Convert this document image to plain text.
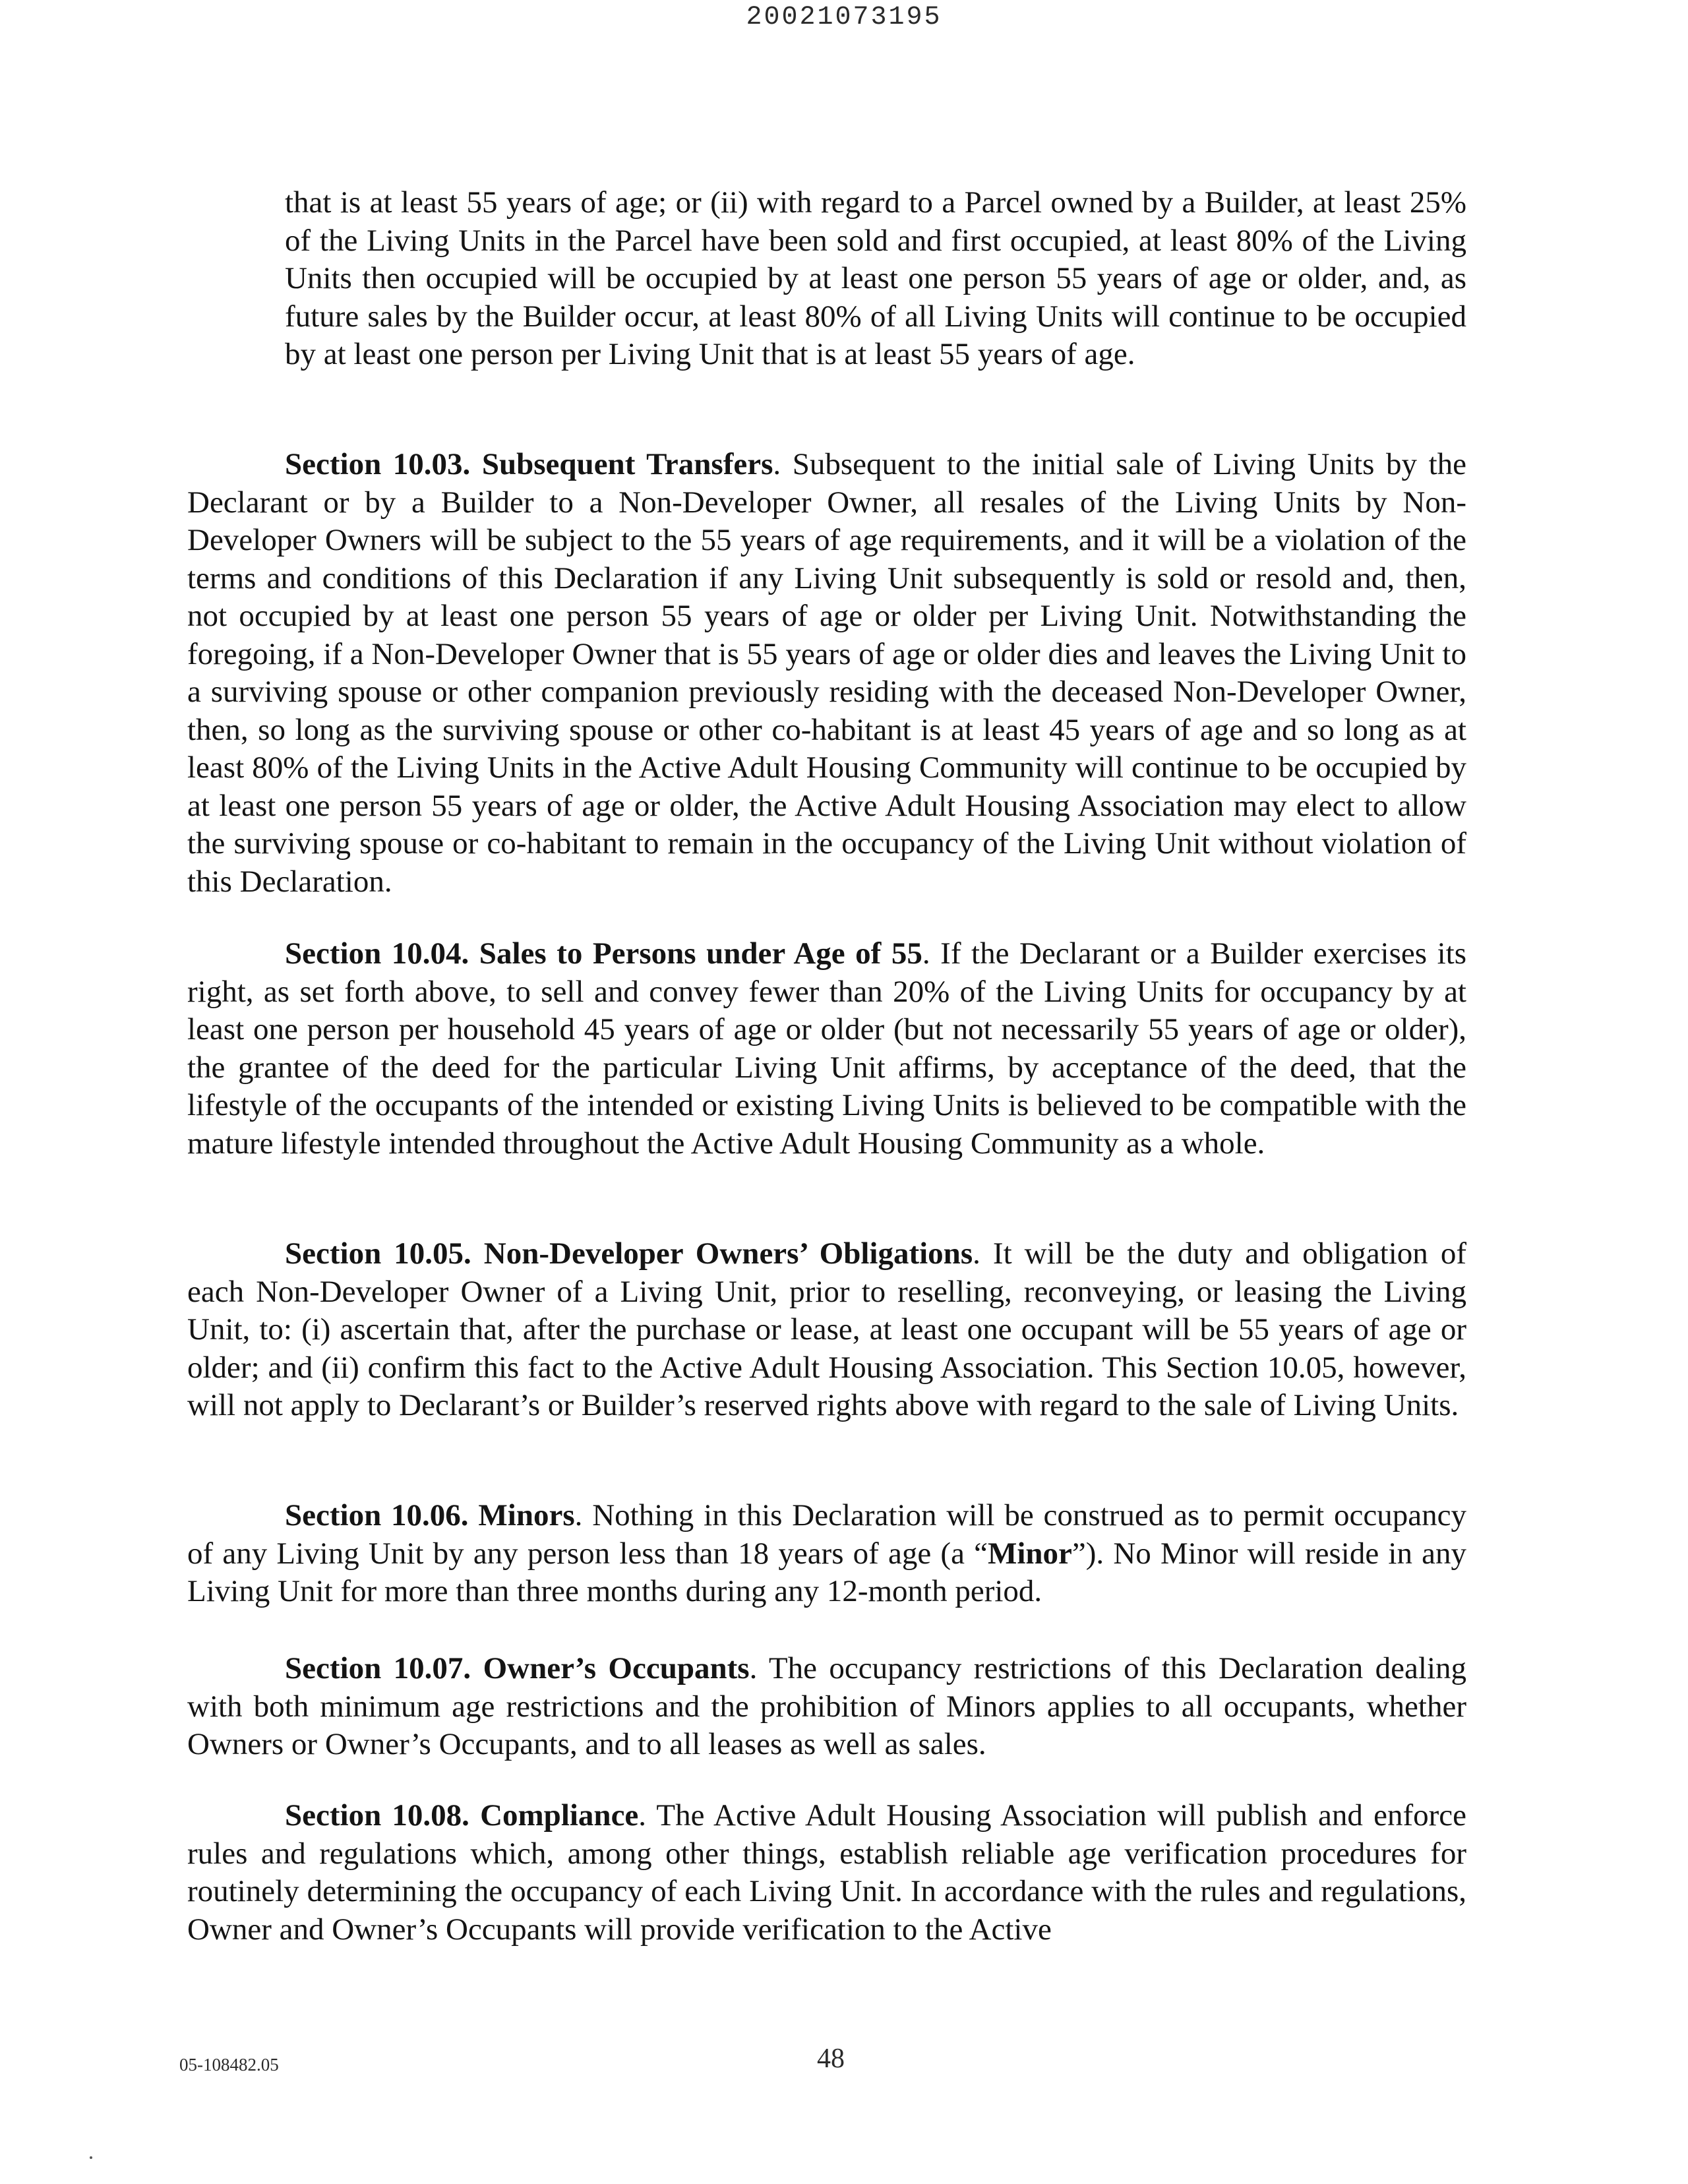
20021073195

that is at least 55 years of age; or (ii) with regard to a Parcel owned by a Builder, at least 25% of the Living Units in the Parcel have been sold and first occupied, at least 80% of the Living Units then occupied will be occupied by at least one person 55 years of age or older, and, as future sales by the Builder occur, at least 80% of all Living Units will continue to be occupied by at least one person per Living Unit that is at least 55 years of age.

Section 10.03. Subsequent Transfers. Subsequent to the initial sale of Living Units by the Declarant or by a Builder to a Non-Developer Owner, all resales of the Living Units by Non-Developer Owners will be subject to the 55 years of age requirements, and it will be a violation of the terms and conditions of this Declaration if any Living Unit subsequently is sold or resold and, then, not occupied by at least one person 55 years of age or older per Living Unit. Notwithstanding the foregoing, if a Non-Developer Owner that is 55 years of age or older dies and leaves the Living Unit to a surviving spouse or other companion previously residing with the deceased Non-Developer Owner, then, so long as the surviving spouse or other co-habitant is at least 45 years of age and so long as at least 80% of the Living Units in the Active Adult Housing Community will continue to be occupied by at least one person 55 years of age or older, the Active Adult Housing Association may elect to allow the surviving spouse or co-habitant to remain in the occupancy of the Living Unit without violation of this Declaration.

Section 10.04. Sales to Persons under Age of 55. If the Declarant or a Builder exercises its right, as set forth above, to sell and convey fewer than 20% of the Living Units for occupancy by at least one person per household 45 years of age or older (but not necessarily 55 years of age or older), the grantee of the deed for the particular Living Unit affirms, by acceptance of the deed, that the lifestyle of the occupants of the intended or existing Living Units is believed to be compatible with the mature lifestyle intended throughout the Active Adult Housing Community as a whole.

Section 10.05. Non-Developer Owners’ Obligations. It will be the duty and obligation of each Non-Developer Owner of a Living Unit, prior to reselling, reconveying, or leasing the Living Unit, to: (i) ascertain that, after the purchase or lease, at least one occupant will be 55 years of age or older; and (ii) confirm this fact to the Active Adult Housing Association. This Section 10.05, however, will not apply to Declarant’s or Builder’s reserved rights above with regard to the sale of Living Units.

Section 10.06. Minors. Nothing in this Declaration will be construed as to permit occupancy of any Living Unit by any person less than 18 years of age (a “Minor”). No Minor will reside in any Living Unit for more than three months during any 12-month period.

Section 10.07. Owner’s Occupants. The occupancy restrictions of this Declaration dealing with both minimum age restrictions and the prohibition of Minors applies to all occupants, whether Owners or Owner’s Occupants, and to all leases as well as sales.

Section 10.08. Compliance. The Active Adult Housing Association will publish and enforce rules and regulations which, among other things, establish reliable age verification procedures for routinely determining the occupancy of each Living Unit. In accordance with the rules and regulations, Owner and Owner’s Occupants will provide verification to the Active

05-108482.05	48
